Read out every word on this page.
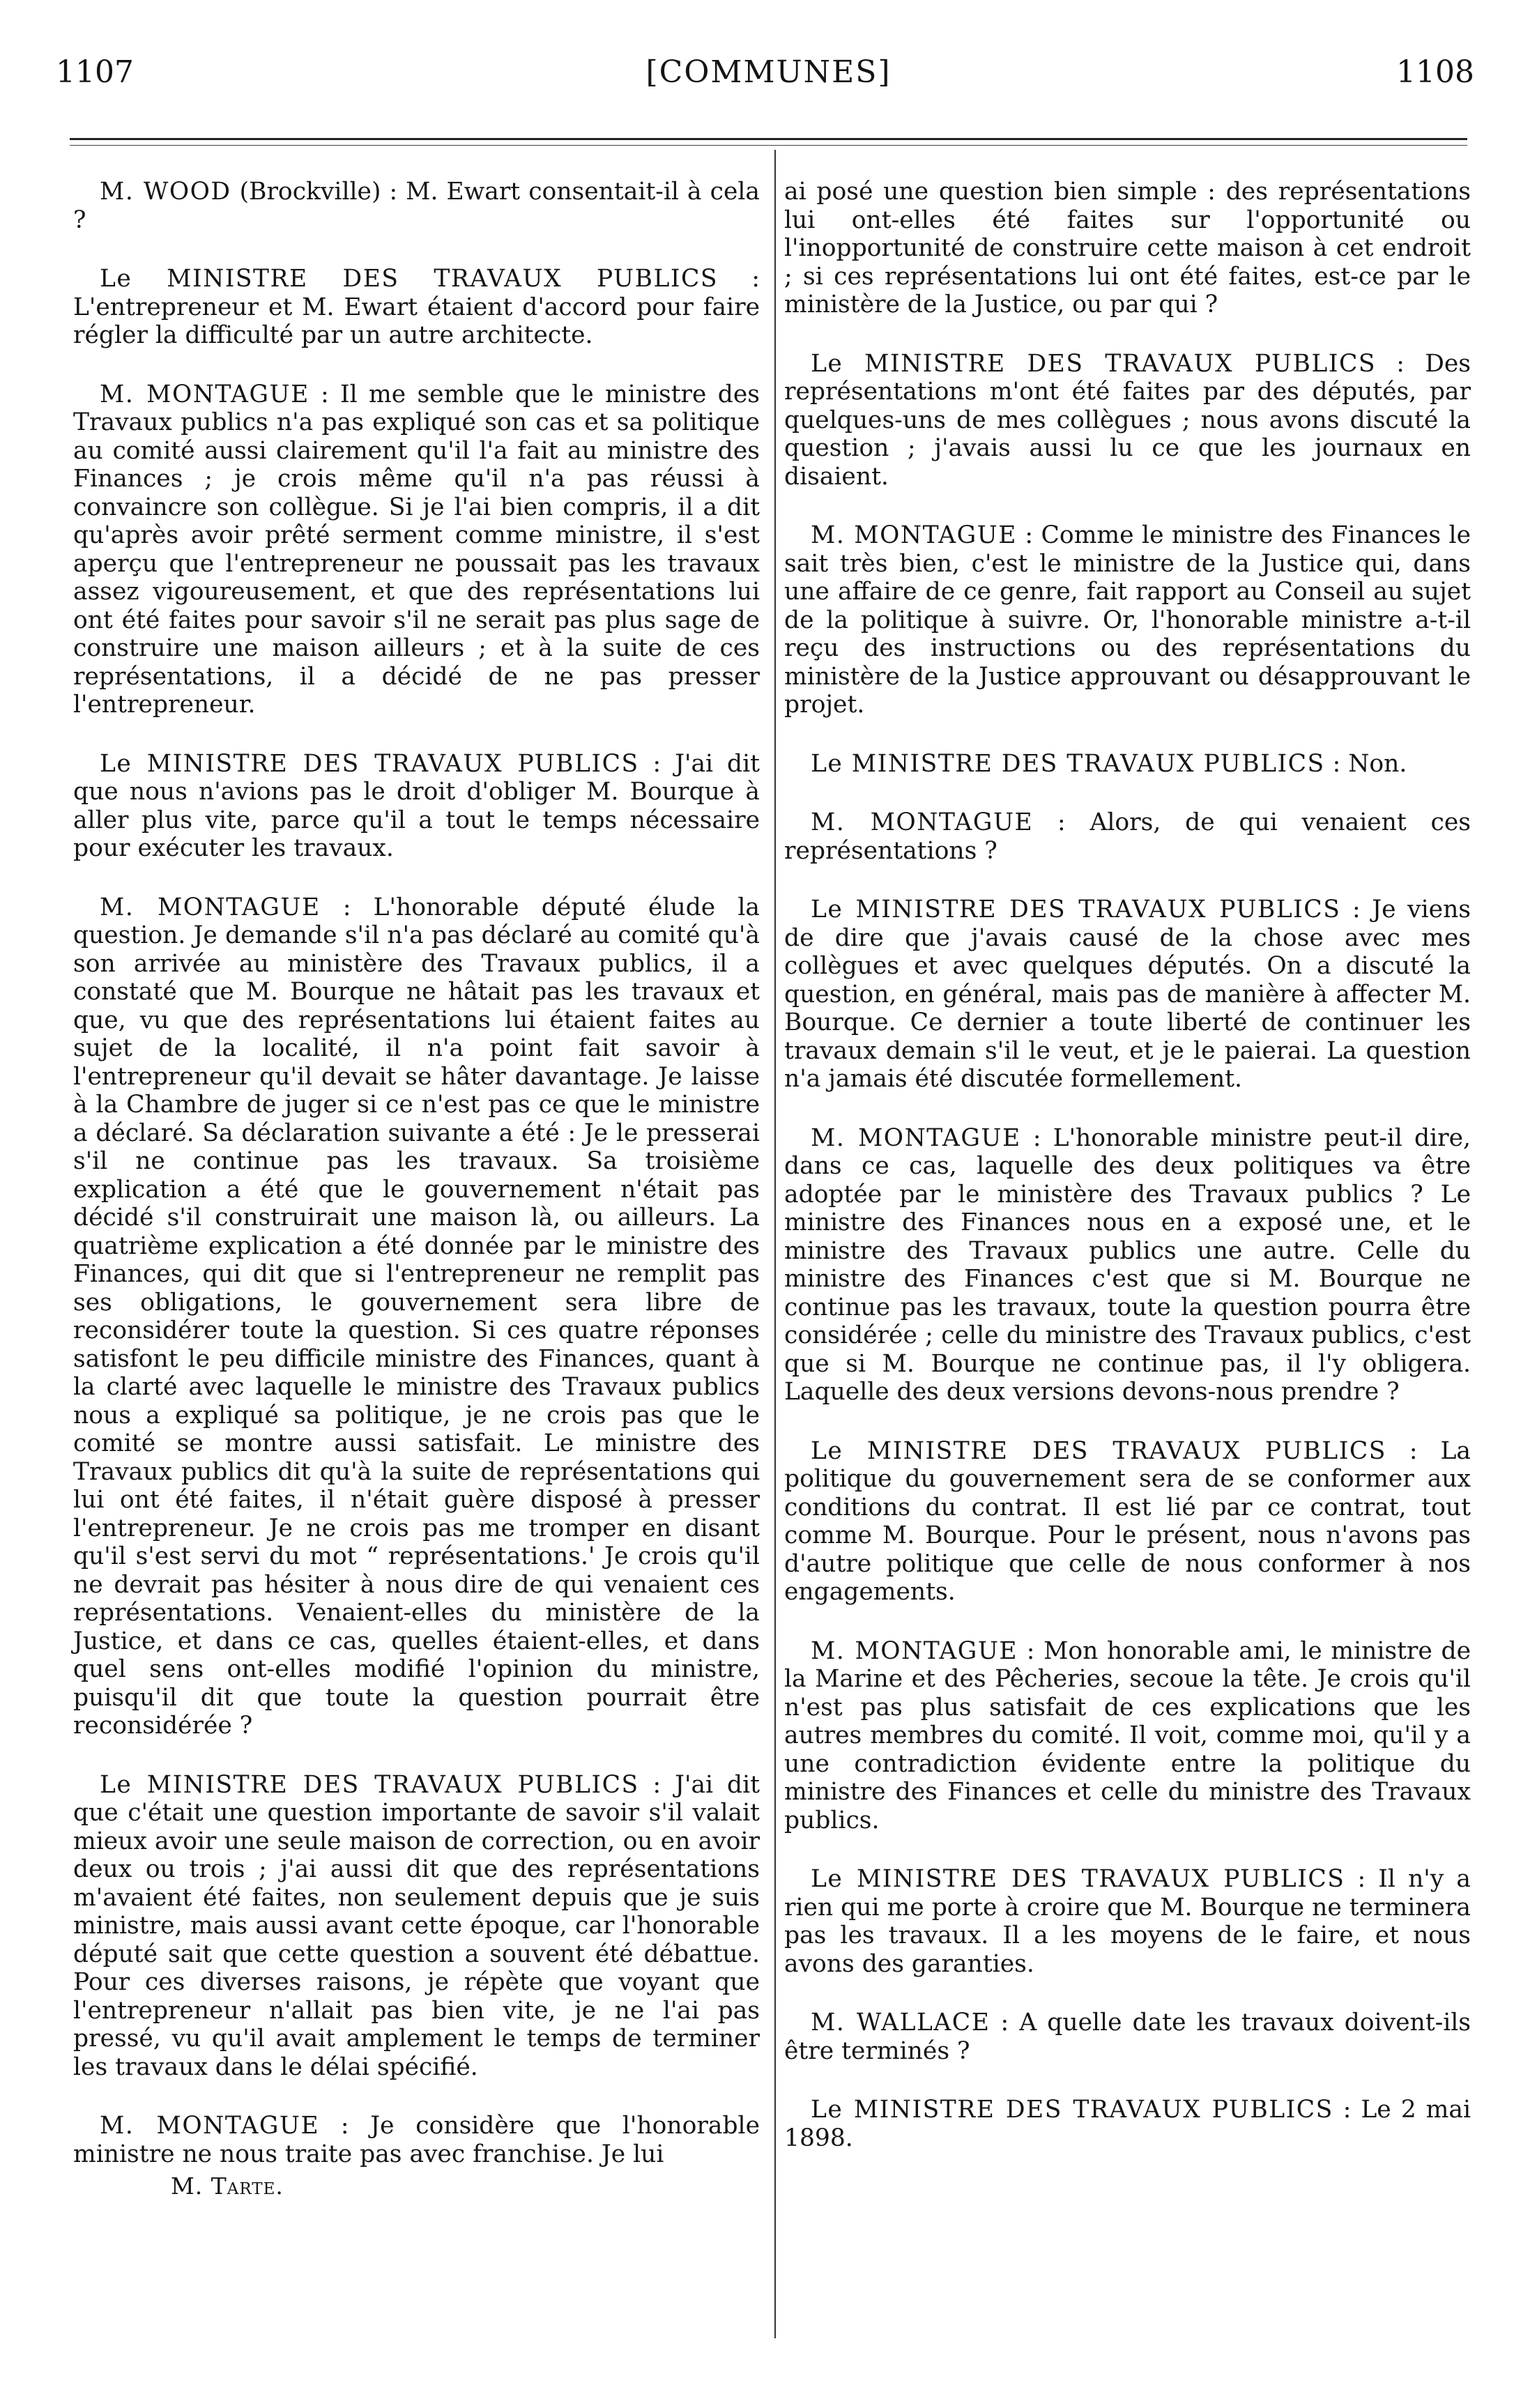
1107	[COMMUNES]	1108

M. WOOD (Brockville) : M. Ewart consentait-il à cela ?

Le MINISTRE DES TRAVAUX PUBLICS : L'entrepreneur et M. Ewart étaient d'accord pour faire régler la difficulté par un autre architecte.

M. MONTAGUE : Il me semble que le ministre des Travaux publics n'a pas expliqué son cas et sa politique au comité aussi clairement qu'il l'a fait au ministre des Finances ; je crois même qu'il n'a pas réussi à convaincre son collègue. Si je l'ai bien compris, il a dit qu'après avoir prêté serment comme ministre, il s'est aperçu que l'entrepreneur ne poussait pas les travaux assez vigoureusement, et que des représentations lui ont été faites pour savoir s'il ne serait pas plus sage de construire une maison ailleurs ; et à la suite de ces représentations, il a décidé de ne pas presser l'entrepreneur.

Le MINISTRE DES TRAVAUX PUBLICS : J'ai dit que nous n'avions pas le droit d'obliger M. Bourque à aller plus vite, parce qu'il a tout le temps nécessaire pour exécuter les travaux.

M. MONTAGUE : L'honorable député élude la question. Je demande s'il n'a pas déclaré au comité qu'à son arrivée au ministère des Travaux publics, il a constaté que M. Bourque ne hâtait pas les travaux et que, vu que des représentations lui étaient faites au sujet de la localité, il n'a point fait savoir à l'entrepreneur qu'il devait se hâter davantage. Je laisse à la Chambre de juger si ce n'est pas ce que le ministre a déclaré. Sa déclaration suivante a été : Je le presserai s'il ne continue pas les travaux. Sa troisième explication a été que le gouvernement n'était pas décidé s'il construirait une maison là, ou ailleurs. La quatrième explication a été donnée par le ministre des Finances, qui dit que si l'entrepreneur ne remplit pas ses obligations, le gouvernement sera libre de reconsidérer toute la question. Si ces quatre réponses satisfont le peu difficile ministre des Finances, quant à la clarté avec laquelle le ministre des Travaux publics nous a expliqué sa politique, je ne crois pas que le comité se montre aussi satisfait. Le ministre des Travaux publics dit qu'à la suite de représentations qui lui ont été faites, il n'était guère disposé à presser l'entrepreneur. Je ne crois pas me tromper en disant qu'il s'est servi du mot “ représentations.' Je crois qu'il ne devrait pas hésiter à nous dire de qui venaient ces représentations. Venaient-elles du ministère de la Justice, et dans ce cas, quelles étaient-elles, et dans quel sens ont-elles modifié l'opinion du ministre, puisqu'il dit que toute la question pourrait être reconsidérée ?

Le MINISTRE DES TRAVAUX PUBLICS : J'ai dit que c'était une question importante de savoir s'il valait mieux avoir une seule maison de correction, ou en avoir deux ou trois ; j'ai aussi dit que des représentations m'avaient été faites, non seulement depuis que je suis ministre, mais aussi avant cette époque, car l'honorable député sait que cette question a souvent été débattue. Pour ces diverses raisons, je répète que voyant que l'entrepreneur n'allait pas bien vite, je ne l'ai pas pressé, vu qu'il avait amplement le temps de terminer les travaux dans le délai spécifié.

M. MONTAGUE : Je considère que l'honorable ministre ne nous traite pas avec franchise. Je lui

M. Tarte.

ai posé une question bien simple : des représentations lui ont-elles été faites sur l'opportunité ou l'inopportunité de construire cette maison à cet endroit ; si ces représentations lui ont été faites, est-ce par le ministère de la Justice, ou par qui ?

Le MINISTRE DES TRAVAUX PUBLICS : Des représentations m'ont été faites par des députés, par quelques-uns de mes collègues ; nous avons discuté la question ; j'avais aussi lu ce que les journaux en disaient.

M. MONTAGUE : Comme le ministre des Finances le sait très bien, c'est le ministre de la Justice qui, dans une affaire de ce genre, fait rapport au Conseil au sujet de la politique à suivre. Or, l'honorable ministre a-t-il reçu des instructions ou des représentations du ministère de la Justice approuvant ou désapprouvant le projet.

Le MINISTRE DES TRAVAUX PUBLICS : Non.

M. MONTAGUE : Alors, de qui venaient ces représentations ?

Le MINISTRE DES TRAVAUX PUBLICS : Je viens de dire que j'avais causé de la chose avec mes collègues et avec quelques députés. On a discuté la question, en général, mais pas de manière à affecter M. Bourque. Ce dernier a toute liberté de continuer les travaux demain s'il le veut, et je le paierai. La question n'a jamais été discutée formellement.

M. MONTAGUE : L'honorable ministre peut-il dire, dans ce cas, laquelle des deux politiques va être adoptée par le ministère des Travaux publics ? Le ministre des Finances nous en a exposé une, et le ministre des Travaux publics une autre. Celle du ministre des Finances c'est que si M. Bourque ne continue pas les travaux, toute la question pourra être considérée ; celle du ministre des Travaux publics, c'est que si M. Bourque ne continue pas, il l'y obligera. Laquelle des deux versions devons-nous prendre ?

Le MINISTRE DES TRAVAUX PUBLICS : La politique du gouvernement sera de se conformer aux conditions du contrat. Il est lié par ce contrat, tout comme M. Bourque. Pour le présent, nous n'avons pas d'autre politique que celle de nous conformer à nos engagements.

M. MONTAGUE : Mon honorable ami, le ministre de la Marine et des Pêcheries, secoue la tête. Je crois qu'il n'est pas plus satisfait de ces explications que les autres membres du comité. Il voit, comme moi, qu'il y a une contradiction évidente entre la politique du ministre des Finances et celle du ministre des Travaux publics.

Le MINISTRE DES TRAVAUX PUBLICS : Il n'y a rien qui me porte à croire que M. Bourque ne terminera pas les travaux. Il a les moyens de le faire, et nous avons des garanties.

M. WALLACE : A quelle date les travaux doivent-ils être terminés ?

Le MINISTRE DES TRAVAUX PUBLICS : Le 2 mai 1898.
